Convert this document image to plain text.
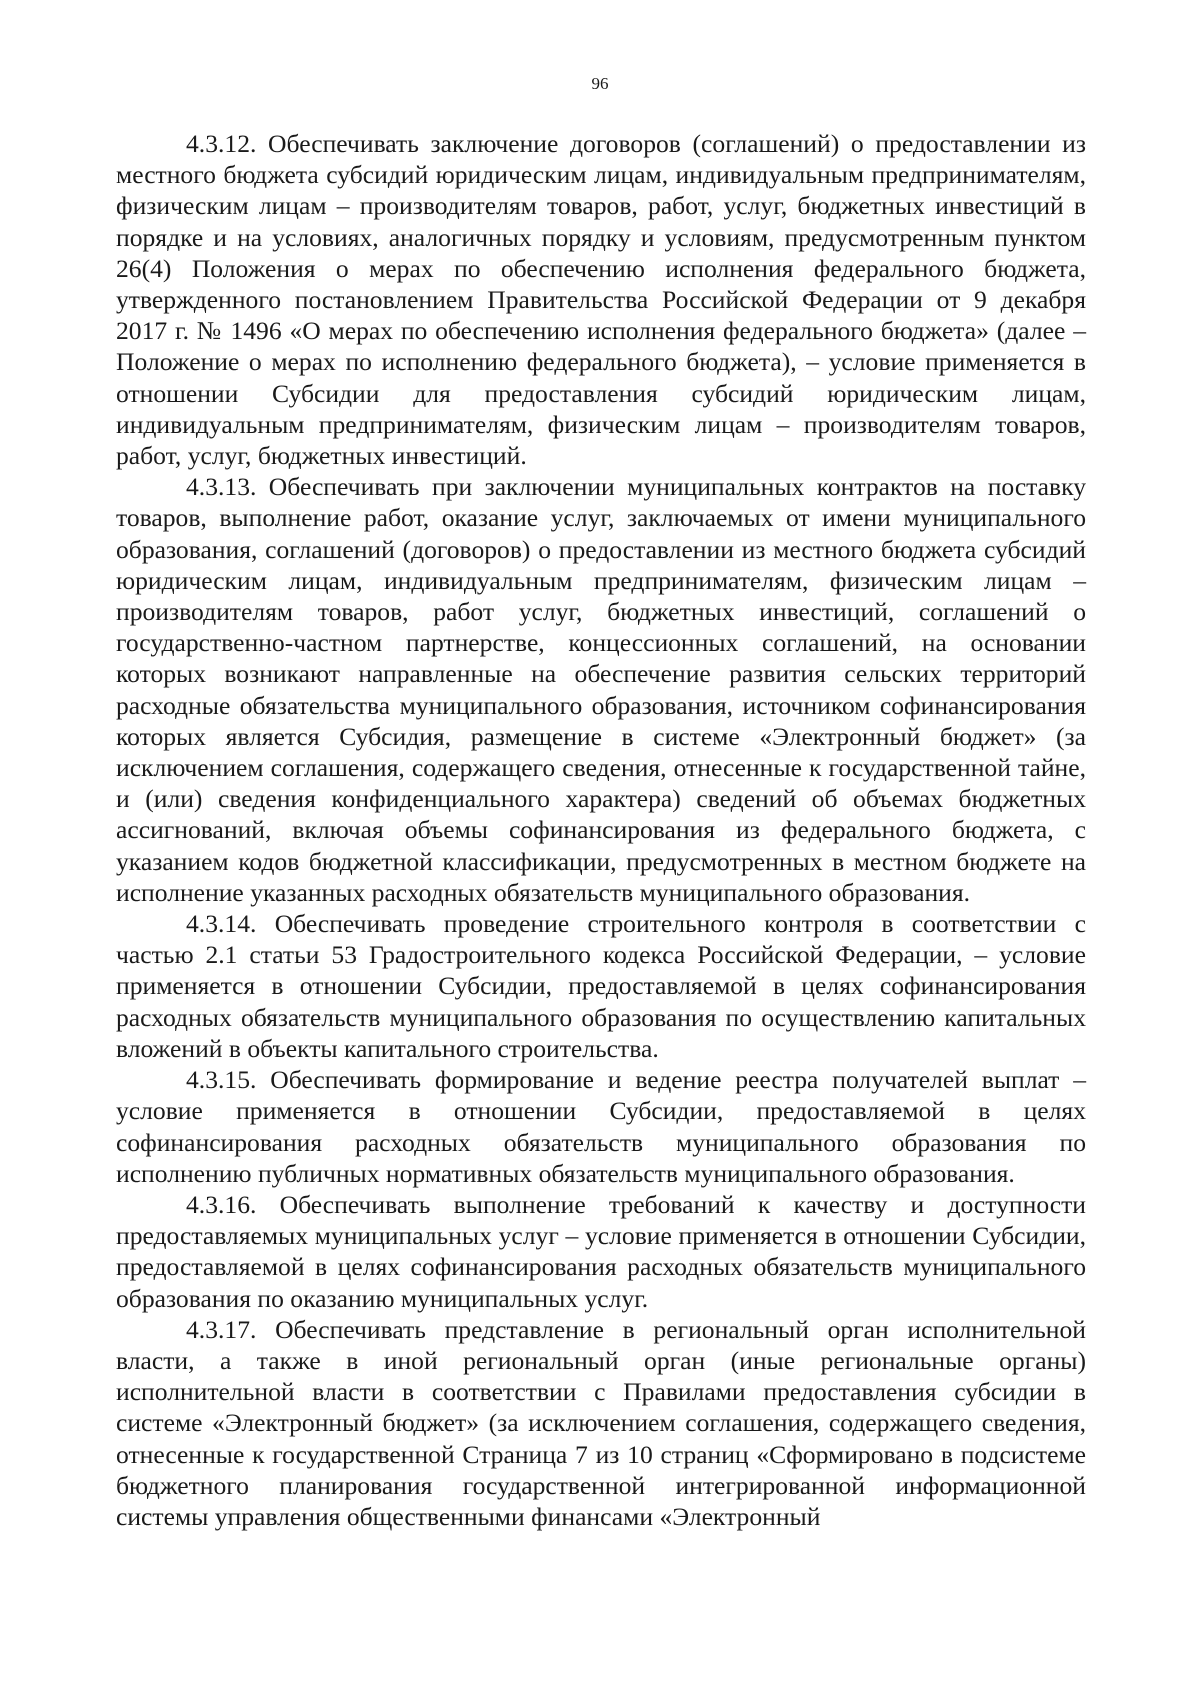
96

4.3.12. Обеспечивать заключение договоров (соглашений) о предоставлении из местного бюджета субсидий юридическим лицам, индивидуальным предпринимателям, физическим лицам – производителям товаров, работ, услуг, бюджетных инвестиций в порядке и на условиях, аналогичных порядку и условиям, предусмотренным пунктом 26(4) Положения о мерах по обеспечению исполнения федерального бюджета, утвержденного постановлением Правительства Российской Федерации от 9 декабря 2017 г. № 1496 «О мерах по обеспечению исполнения федерального бюджета» (далее – Положение о мерах по исполнению федерального бюджета), – условие применяется в отношении Субсидии для предоставления субсидий юридическим лицам, индивидуальным предпринимателям, физическим лицам – производителям товаров, работ, услуг, бюджетных инвестиций.

4.3.13. Обеспечивать при заключении муниципальных контрактов на поставку товаров, выполнение работ, оказание услуг, заключаемых от имени муниципального образования, соглашений (договоров) о предоставлении из местного бюджета субсидий юридическим лицам, индивидуальным предпринимателям, физическим лицам – производителям товаров, работ услуг, бюджетных инвестиций, соглашений о государственно-частном партнерстве, концессионных соглашений, на основании которых возникают направленные на обеспечение развития сельских территорий расходные обязательства муниципального образования, источником софинансирования которых является Субсидия, размещение в системе «Электронный бюджет» (за исключением соглашения, содержащего сведения, отнесенные к государственной тайне, и (или) сведения конфиденциального характера) сведений об объемах бюджетных ассигнований, включая объемы софинансирования из федерального бюджета, с указанием кодов бюджетной классификации, предусмотренных в местном бюджете на исполнение указанных расходных обязательств муниципального образования.

4.3.14. Обеспечивать проведение строительного контроля в соответствии с частью 2.1 статьи 53 Градостроительного кодекса Российской Федерации, – условие применяется в отношении Субсидии, предоставляемой в целях софинансирования расходных обязательств муниципального образования по осуществлению капитальных вложений в объекты капитального строительства.

4.3.15. Обеспечивать формирование и ведение реестра получателей выплат – условие применяется в отношении Субсидии, предоставляемой в целях софинансирования расходных обязательств муниципального образования по исполнению публичных нормативных обязательств муниципального образования.

4.3.16. Обеспечивать выполнение требований к качеству и доступности предоставляемых муниципальных услуг – условие применяется в отношении Субсидии, предоставляемой в целях софинансирования расходных обязательств муниципального образования по оказанию муниципальных услуг.

4.3.17. Обеспечивать представление в региональный орган исполнительной власти, а также в иной региональный орган (иные региональные органы) исполнительной власти в соответствии с Правилами предоставления субсидии в системе «Электронный бюджет» (за исключением соглашения, содержащего сведения, отнесенные к государственной Страница 7 из 10 страниц «Сформировано в подсистеме бюджетного планирования государственной интегрированной информационной системы управления общественными финансами «Электронный
